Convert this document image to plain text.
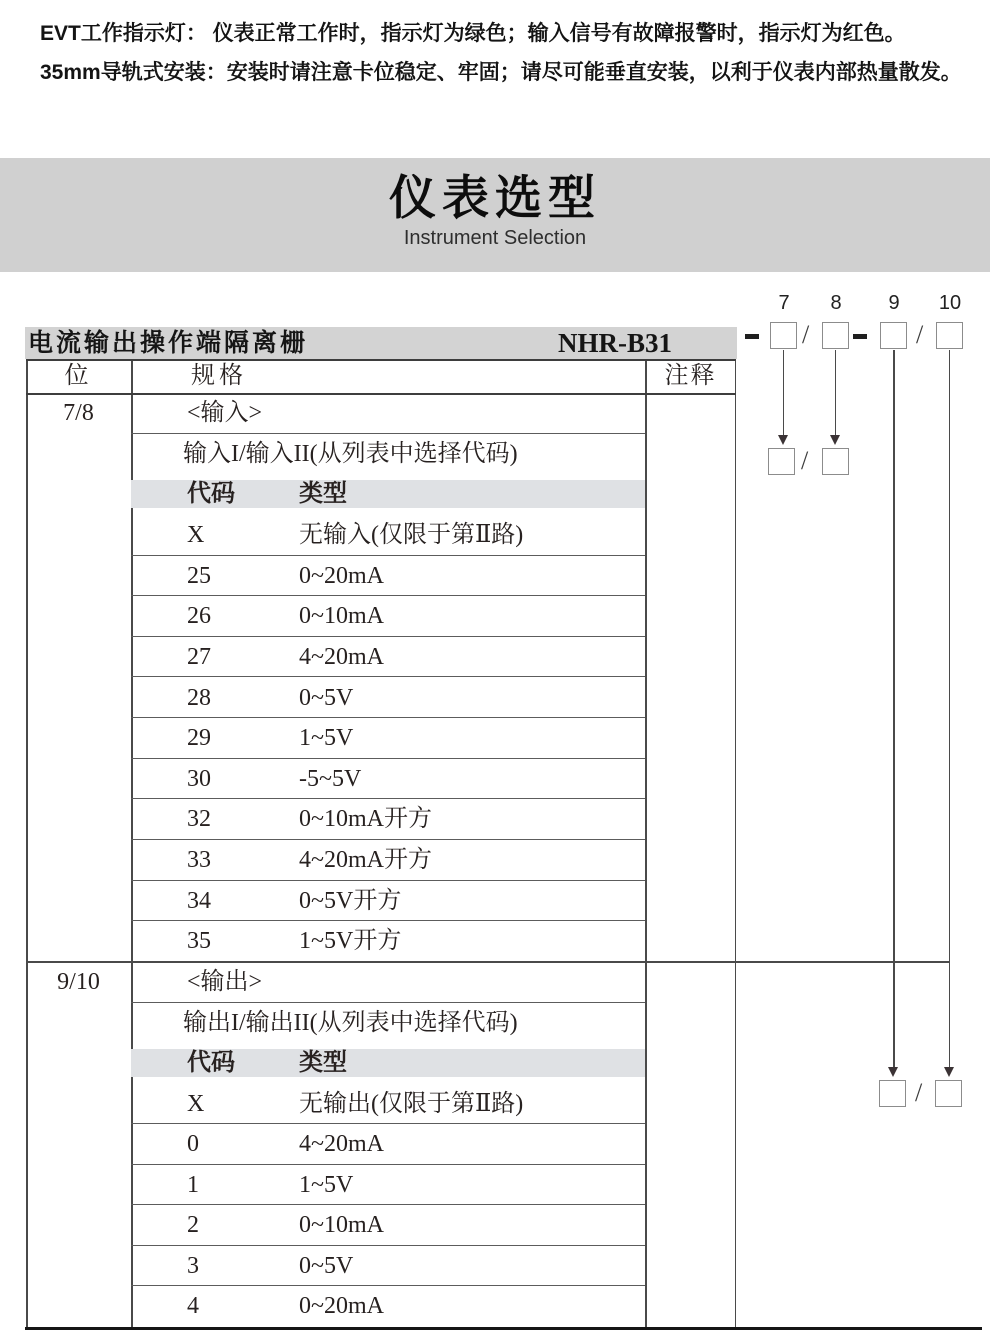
EVT工作指示灯： 仪表正常工作时，指示灯为绿色；输入信号有故障报警时，指示灯为红色。
35mm导轨式安装：安装时请注意卡位稳定、牢固；请尽可能垂直安装，以利于仪表内部热量散发。
仪表选型
Instrument Selection
电流输出操作端隔离栅	NHR-B31
7	8	9	10
/	/
/
/
位	规格	注释
7/8	<输入>
输入I/输入II(从列表中选择代码)
代码	类型
X	无输入(仅限于第Ⅱ路)
25	0~20mA
26	0~10mA
27	4~20mA
28	0~5V
29	1~5V
30	-5~5V
32	0~10mA开方
33	4~20mA开方
34	0~5V开方
35	1~5V开方
9/10	<输出>
输出I/输出II(从列表中选择代码)
代码	类型
X	无输出(仅限于第Ⅱ路)
0	4~20mA
1	1~5V
2	0~10mA
3	0~5V
4	0~20mA
